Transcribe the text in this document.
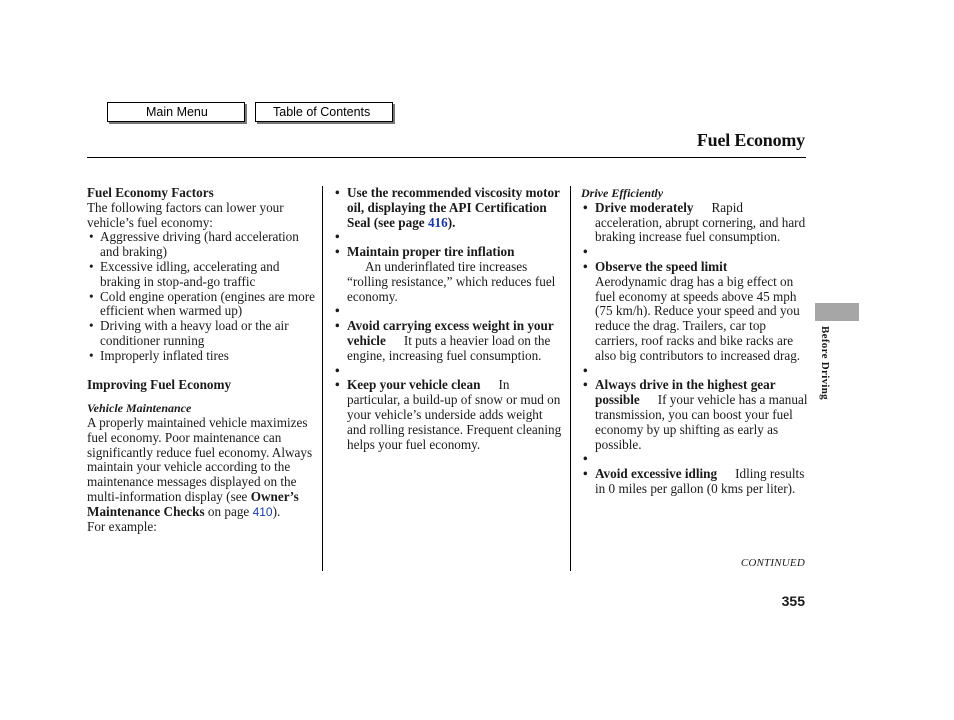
Main Menu	Table of Contents
Fuel Economy

Fuel Economy Factors

The following factors can lower your vehicle’s fuel economy:

• Aggressive driving (hard acceleration and braking)
• Excessive idling, accelerating and braking in stop-and-go traffic
• Cold engine operation (engines are more efficient when warmed up)
• Driving with a heavy load or the air conditioner running
• Improperly inflated tires

Improving Fuel Economy

Vehicle Maintenance

A properly maintained vehicle maximizes fuel economy. Poor maintenance can significantly reduce fuel economy. Always maintain your vehicle according to the maintenance messages displayed on the multi-information display (see Owner’s Maintenance Checks on page 410).

For example:

• Use the recommended viscosity motor oil, displaying the API Certification Seal (see page 416).
•
• Maintain proper tire inflation
An underinflated tire increases “rolling resistance,” which reduces fuel economy.
•
• Avoid carrying excess weight in your vehicle It puts a heavier load on the engine, increasing fuel consumption.
•
• Keep your vehicle clean In particular, a build-up of snow or mud on your vehicle’s underside adds weight and rolling resistance. Frequent cleaning helps your fuel economy.

Drive Efficiently

• Drive moderately Rapid acceleration, abrupt cornering, and hard braking increase fuel consumption.
•
• Observe the speed limit
Aerodynamic drag has a big effect on fuel economy at speeds above 45 mph (75 km/h). Reduce your speed and you reduce the drag. Trailers, car top carriers, roof racks and bike racks are also big contributors to increased drag.
•
• Always drive in the highest gear possible If your vehicle has a manual transmission, you can boost your fuel economy by up shifting as early as possible.
•
• Avoid excessive idling Idling results in 0 miles per gallon (0 kms per liter).
CONTINUED
355
Before Driving
